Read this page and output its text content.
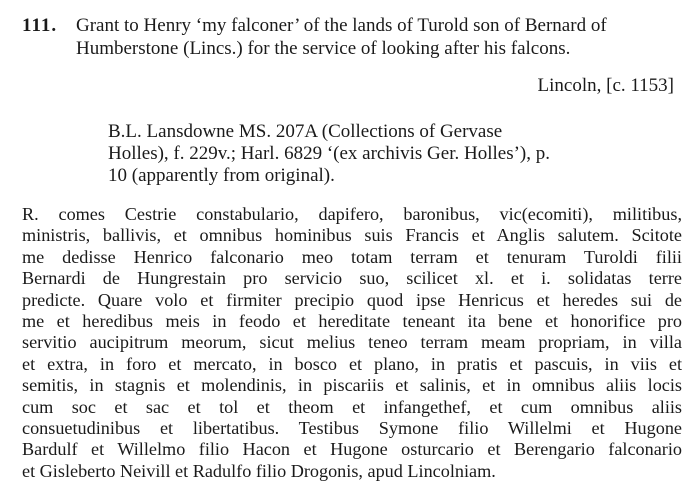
111. Grant to Henry ‘my falconer’ of the lands of Turold son of Bernard of
Humberstone (Lincs.) for the service of looking after his falcons.
Lincoln, [c. 1153]
B.L. Lansdowne MS. 207A (Collections of Gervase
Holles), f. 229v.; Harl. 6829 ‘(ex archivis Ger. Holles’), p.
10 (apparently from original).
R. comes Cestrie constabulario, dapifero, baronibus, vic(ecomiti), militibus,
ministris, ballivis, et omnibus hominibus suis Francis et Anglis salutem. Scitote
me dedisse Henrico falconario meo totam terram et tenuram Turoldi filii
Bernardi de Hungrestain pro servicio suo, scilicet xl. et i. solidatas terre
predicte. Quare volo et firmiter precipio quod ipse Henricus et heredes sui de
me et heredibus meis in feodo et hereditate teneant ita bene et honorifice pro
servitio aucipitrum meorum, sicut melius teneo terram meam propriam, in villa
et extra, in foro et mercato, in bosco et plano, in pratis et pascuis, in viis et
semitis, in stagnis et molendinis, in piscariis et salinis, et in omnibus aliis locis
cum soc et sac et tol et theom et infangethef, et cum omnibus aliis
consuetudinibus et libertatibus. Testibus Symone filio Willelmi et Hugone
Bardulf et Willelmo filio Hacon et Hugone osturcario et Berengario falconario
et Gisleberto Neivill et Radulfo filio Drogonis, apud Lincolniam.
